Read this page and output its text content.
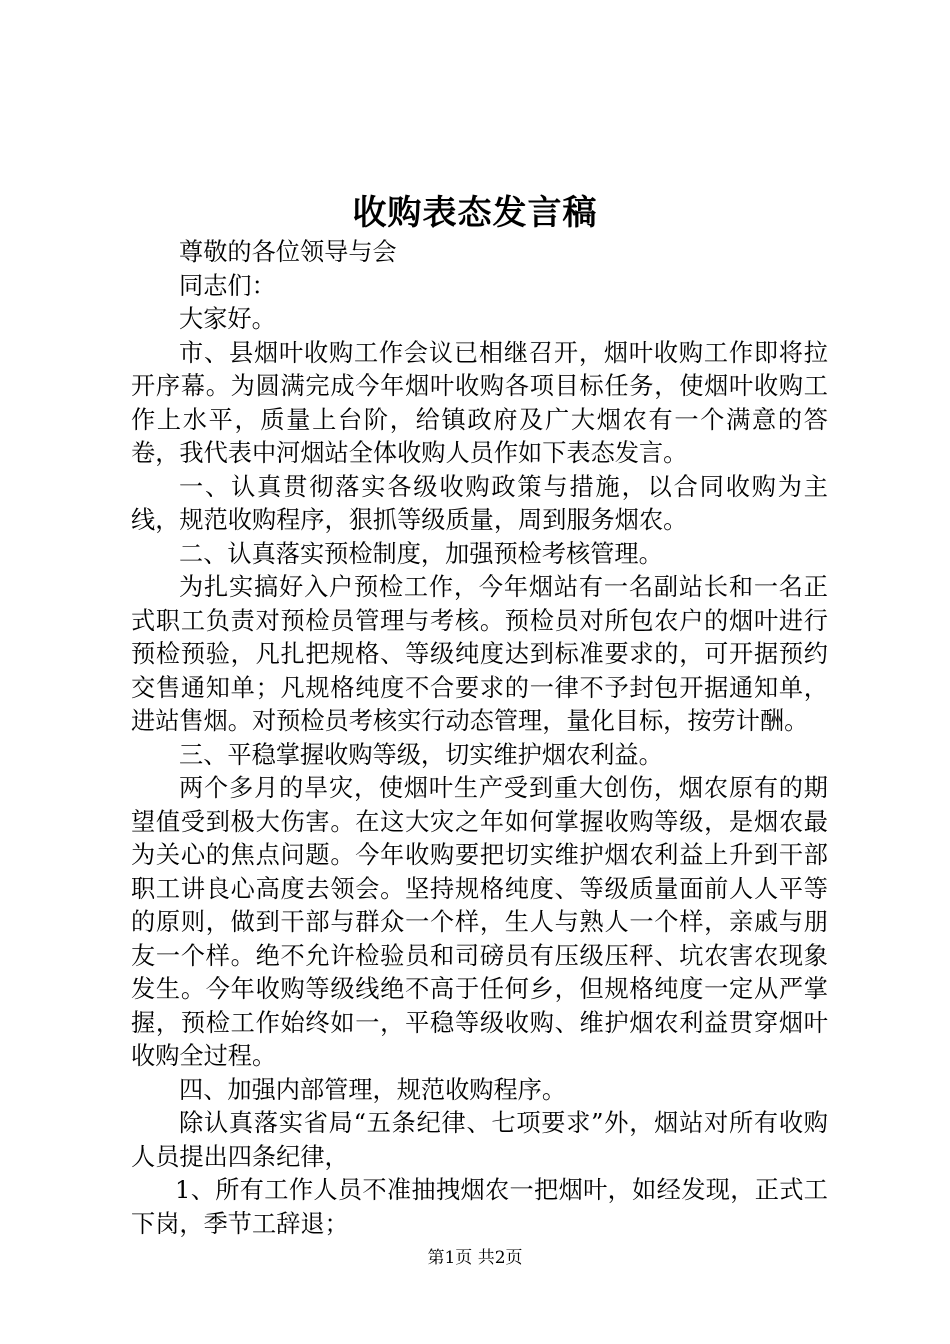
收购表态发言稿

尊敬的各位领导与会

同志们：

大家好。

市、县烟叶收购工作会议已相继召开，烟叶收购工作即将拉开序幕。为圆满完成今年烟叶收购各项目标任务，使烟叶收购工作上水平，质量上台阶，给镇政府及广大烟农有一个满意的答卷，我代表中河烟站全体收购人员作如下表态发言。

一、认真贯彻落实各级收购政策与措施，以合同收购为主线，规范收购程序，狠抓等级质量，周到服务烟农。

二、认真落实预检制度，加强预检考核管理。

为扎实搞好入户预检工作，今年烟站有一名副站长和一名正式职工负责对预检员管理与考核。预检员对所包农户的烟叶进行预检预验，凡扎把规格、等级纯度达到标准要求的，可开据预约交售通知单；凡规格纯度不合要求的一律不予封包开据通知单，进站售烟。对预检员考核实行动态管理，量化目标，按劳计酬。

三、平稳掌握收购等级，切实维护烟农利益。

两个多月的旱灾，使烟叶生产受到重大创伤，烟农原有的期望值受到极大伤害。在这大灾之年如何掌握收购等级，是烟农最为关心的焦点问题。今年收购要把切实维护烟农利益上升到干部职工讲良心高度去领会。坚持规格纯度、等级质量面前人人平等的原则，做到干部与群众一个样，生人与熟人一个样，亲戚与朋友一个样。绝不允许检验员和司磅员有压级压秤、坑农害农现象发生。今年收购等级线绝不高于任何乡，但规格纯度一定从严掌握，预检工作始终如一，平稳等级收购、维护烟农利益贯穿烟叶收购全过程。

四、加强内部管理，规范收购程序。

除认真落实省局“五条纪律、七项要求”外，烟站对所有收购人员提出四条纪律，

1、所有工作人员不准抽拽烟农一把烟叶，如经发现，正式工下岗，季节工辞退；

第1页 共2页
